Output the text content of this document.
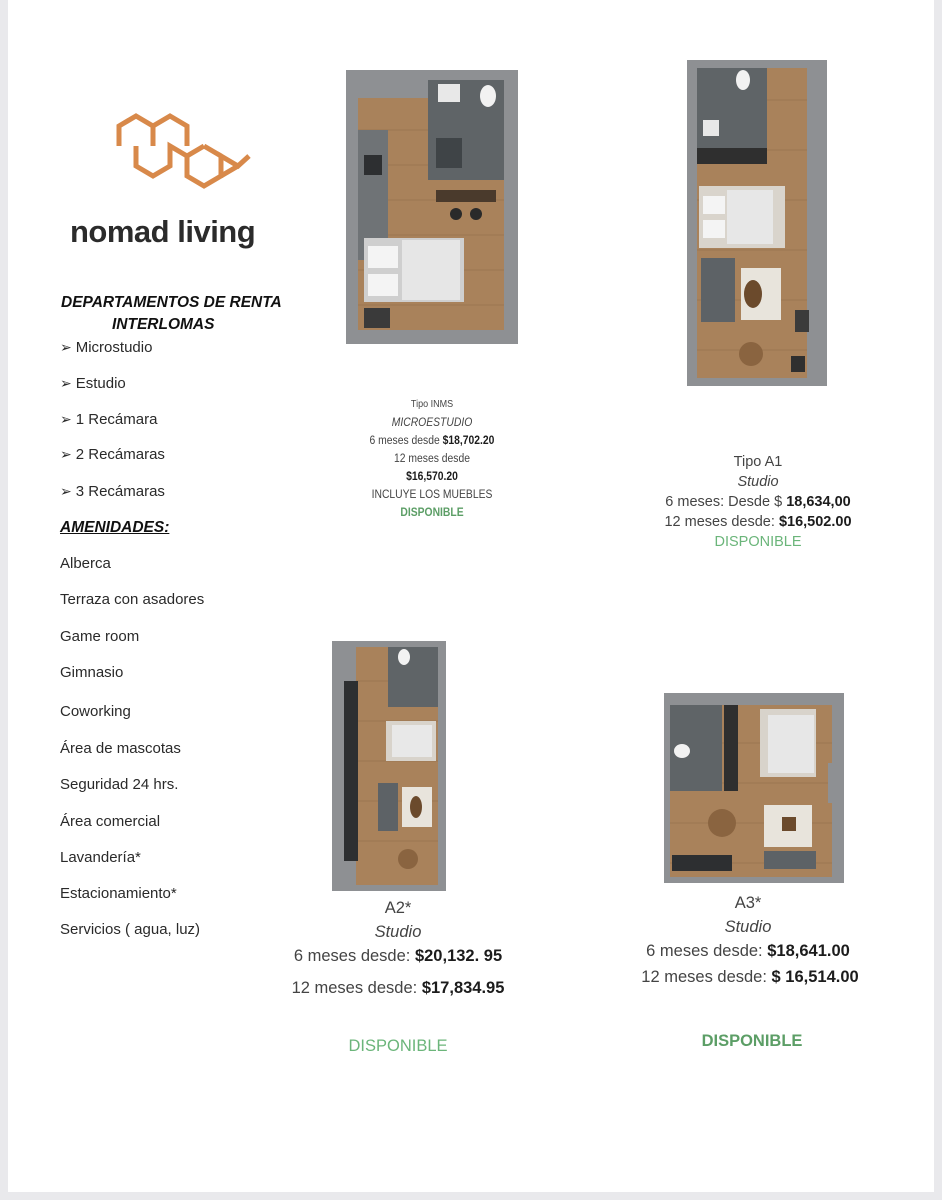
nomad living
DEPARTAMENTOS DE RENTA
INTERLOMAS
➢ Microstudio
➢ Estudio
➢ 1 Recámara
➢ 2 Recámaras
➢ 3 Recámaras
AMENIDADES:
Alberca
Terraza con asadores
Game room
Gimnasio
Coworking
Área de mascotas
Seguridad 24 hrs.
Área comercial
Lavandería*
Estacionamiento*
Servicios ( agua, luz)
Tipo INMS
MICROESTUDIO
6 meses desde $18,702.20
12 meses desde
$16,570.20
INCLUYE LOS MUEBLES
DISPONIBLE
Tipo A1
Studio
6 meses: Desde $ 18,634,00
12 meses desde: $16,502.00
DISPONIBLE
A2*
Studio
6 meses desde: $20,132. 95
12 meses desde: $17,834.95
DISPONIBLE
A3*
Studio
6 meses desde: $18,641.00
12 meses desde: $ 16,514.00
DISPONIBLE
